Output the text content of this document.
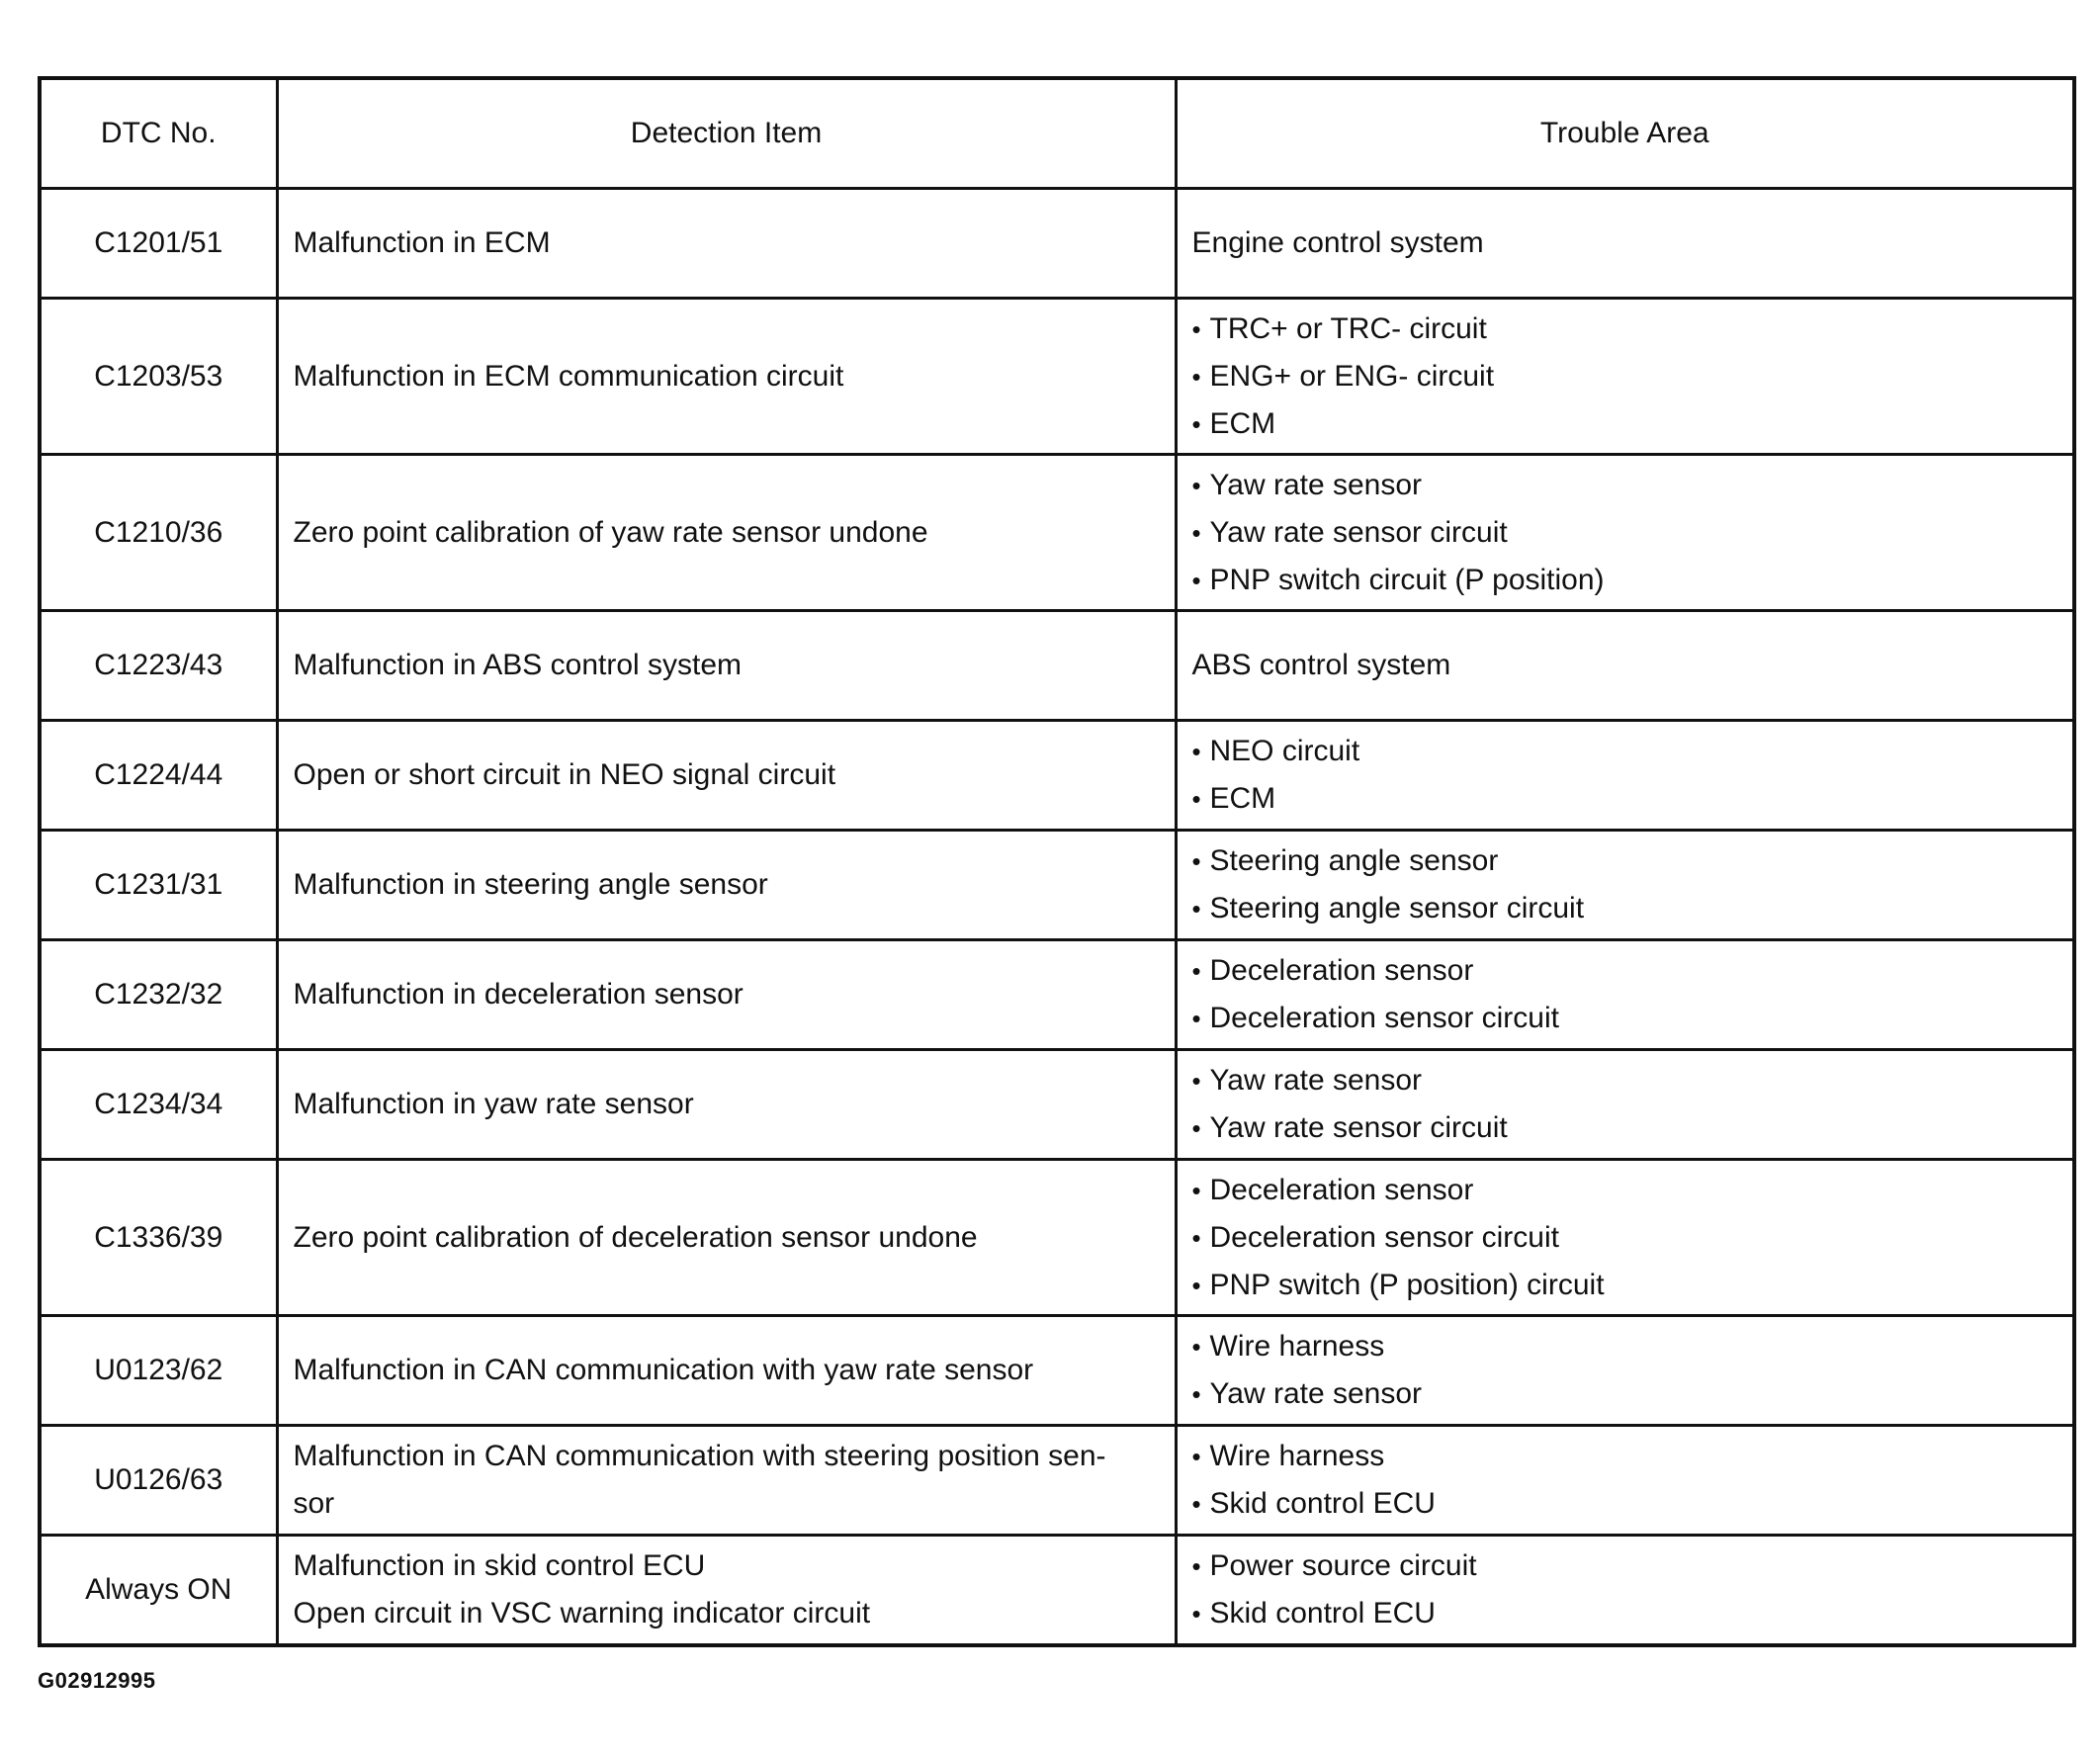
DTC No.	Detection Item	Trouble Area
C1201/51	Malfunction in ECM	Engine control system

C1203/53	Malfunction in ECM communication circuit	• TRC+ or TRC- circuit
• ENG+ or ENG- circuit
• ECM

C1210/36	Zero point calibration of yaw rate sensor undone	• Yaw rate sensor
• Yaw rate sensor circuit
• PNP switch circuit (P position)

C1223/43	Malfunction in ABS control system	ABS control system

C1224/44	Open or short circuit in NEO signal circuit	• NEO circuit
• ECM

C1231/31	Malfunction in steering angle sensor	• Steering angle sensor
• Steering angle sensor circuit

C1232/32	Malfunction in deceleration sensor	• Deceleration sensor
• Deceleration sensor circuit

C1234/34	Malfunction in yaw rate sensor	• Yaw rate sensor
• Yaw rate sensor circuit

C1336/39	Zero point calibration of deceleration sensor undone	• Deceleration sensor
• Deceleration sensor circuit
• PNP switch (P position) circuit

U0123/62	Malfunction in CAN communication with yaw rate sensor	• Wire harness
• Yaw rate sensor

U0126/63	Malfunction in CAN communication with steering position sen-
sor	• Wire harness
• Skid control ECU

Always ON	Malfunction in skid control ECU
Open circuit in VSC warning indicator circuit	• Power source circuit
• Skid control ECU
G02912995
